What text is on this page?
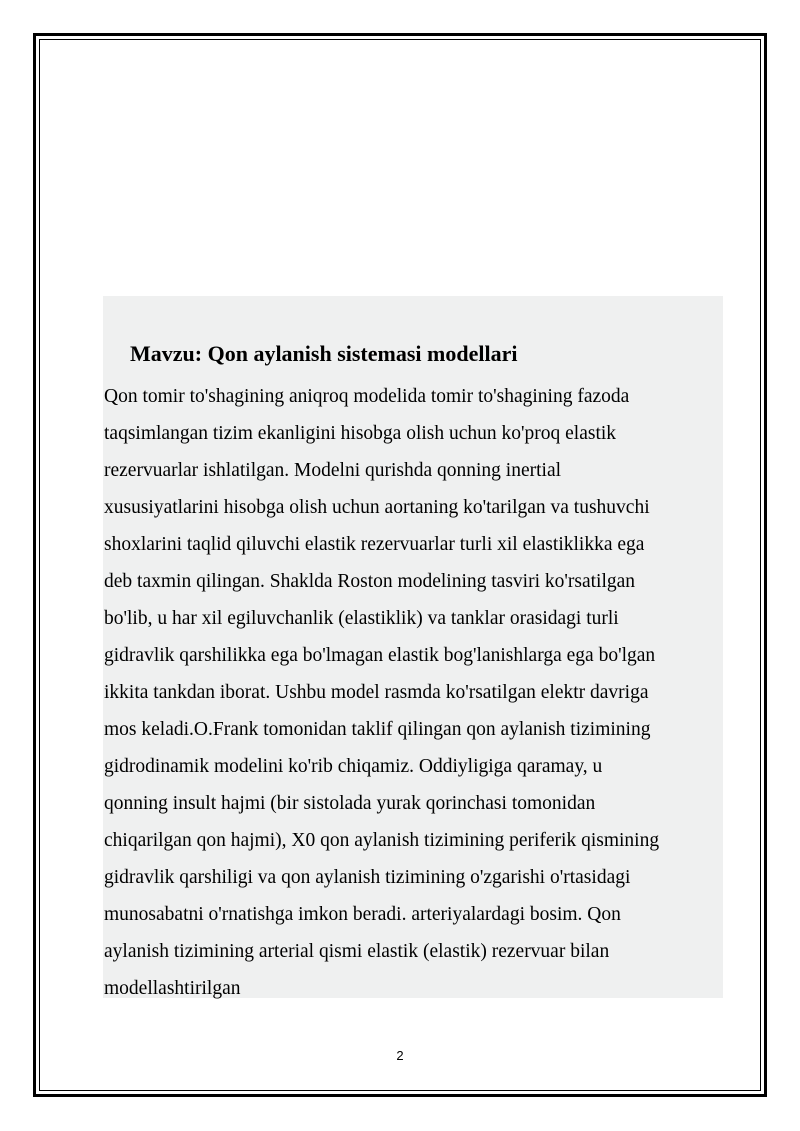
Mavzu: Qon aylanish sistemasi modellari
Qon tomir to'shagining aniqroq modelida tomir to'shagining fazoda
taqsimlangan tizim ekanligini hisobga olish uchun ko'proq elastik
rezervuarlar ishlatilgan. Modelni qurishda qonning inertial
xususiyatlarini hisobga olish uchun aortaning ko'tarilgan va tushuvchi
shoxlarini taqlid qiluvchi elastik rezervuarlar turli xil elastiklikka ega
deb taxmin qilingan. Shaklda Roston modelining tasviri ko'rsatilgan
bo'lib, u har xil egiluvchanlik (elastiklik) va tanklar orasidagi turli
gidravlik qarshilikka ega bo'lmagan elastik bog'lanishlarga ega bo'lgan
ikkita tankdan iborat. Ushbu model rasmda ko'rsatilgan elektr davriga
mos keladi.O.Frank tomonidan taklif qilingan qon aylanish tizimining
gidrodinamik modelini ko'rib chiqamiz. Oddiyligiga qaramay, u
qonning insult hajmi (bir sistolada yurak qorinchasi tomonidan
chiqarilgan qon hajmi), X0 qon aylanish tizimining periferik qismining
gidravlik qarshiligi va qon aylanish tizimining o'zgarishi o'rtasidagi
munosabatni o'rnatishga imkon beradi. arteriyalardagi bosim. Qon
aylanish tizimining arterial qismi elastik (elastik) rezervuar bilan
modellashtirilgan
2
